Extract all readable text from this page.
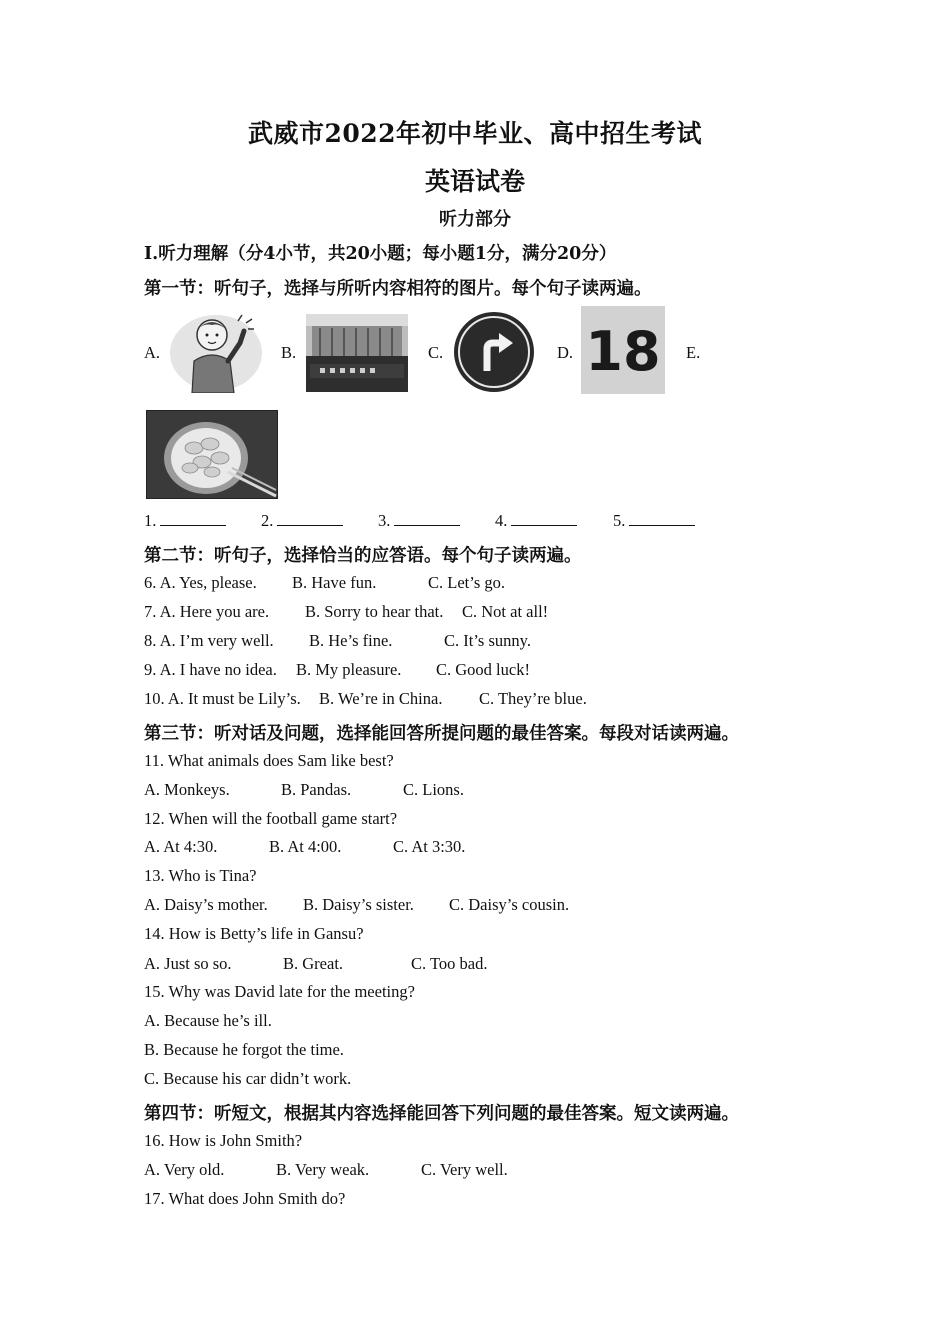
武威市2022年初中毕业、高中招生考试
英语试卷
听力部分
Ⅰ.听力理解（分4小节，共20小题；每小题1分，满分20分）
第一节：听句子，选择与所听内容相符的图片。每个句子读两遍。
A.	B.	C.	D. 18 E.
1.	2.	3.	4.	5.
第二节：听句子，选择恰当的应答语。每个句子读两遍。
6. A. Yes, please. B. Have fun.	C. Let’s go.
7. A. Here you are. B. Sorry to hear that. C. Not at all!
8. A. I’m very well. B. He’s fine.	C. It’s sunny.
9. A. I have no idea. B. My pleasure. C. Good luck!
10. A. It must be Lily’s. B. We’re in China. C. They’re blue.
第三节：听对话及问题，选择能回答所提问题的最佳答案。每段对话读两遍。
11. What animals does Sam like best?
A. Monkeys.	B. Pandas.	C. Lions.
12. When will the football game start?
A. At 4:30.	B. At 4:00.	C. At 3:30.
13. Who is Tina?
A. Daisy’s mother. B. Daisy’s sister. C. Daisy’s cousin.
14. How is Betty’s life in Gansu?
A. Just so so.	B. Great.	C. Too bad.
15. Why was David late for the meeting?
A. Because he’s ill.
B. Because he forgot the time.
C. Because his car didn’t work.
第四节：听短文，根据其内容选择能回答下列问题的最佳答案。短文读两遍。
16. How is John Smith?
A. Very old.	B. Very weak.	C. Very well.
17. What does John Smith do?
